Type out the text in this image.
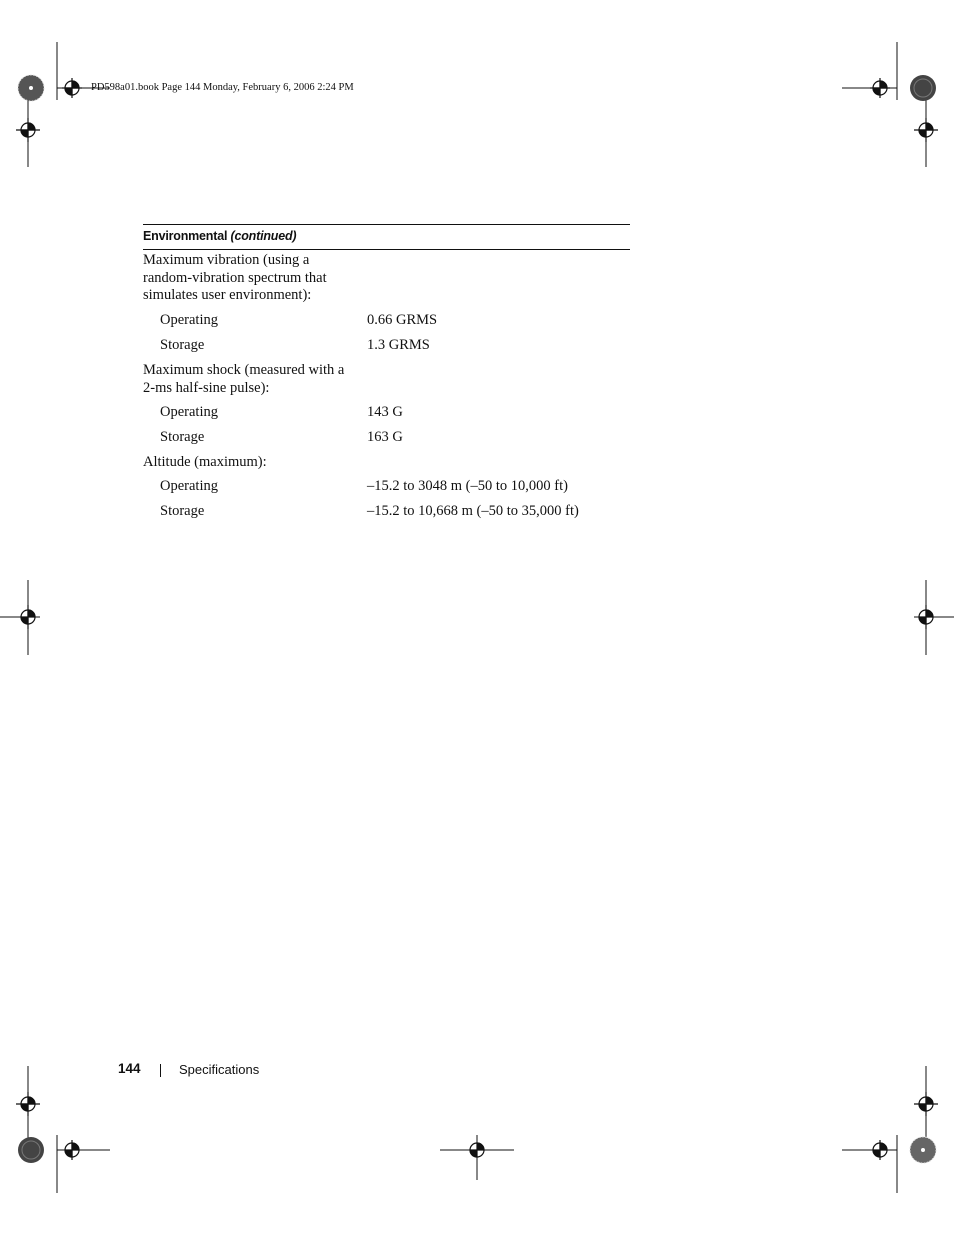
PD598a01.book Page 144 Monday, February 6, 2006 2:24 PM
Environmental (continued)
Maximum vibration (using a random-vibration spectrum that simulates user environment):
Operating	0.66 GRMS
Storage	1.3 GRMS
Maximum shock (measured with a 2-ms half-sine pulse):
Operating	143 G
Storage	163 G
Altitude (maximum):
Operating	–15.2 to 3048 m (–50 to 10,000 ft)
Storage	–15.2 to 10,668 m (–50 to 35,000 ft)
144	Specifications
